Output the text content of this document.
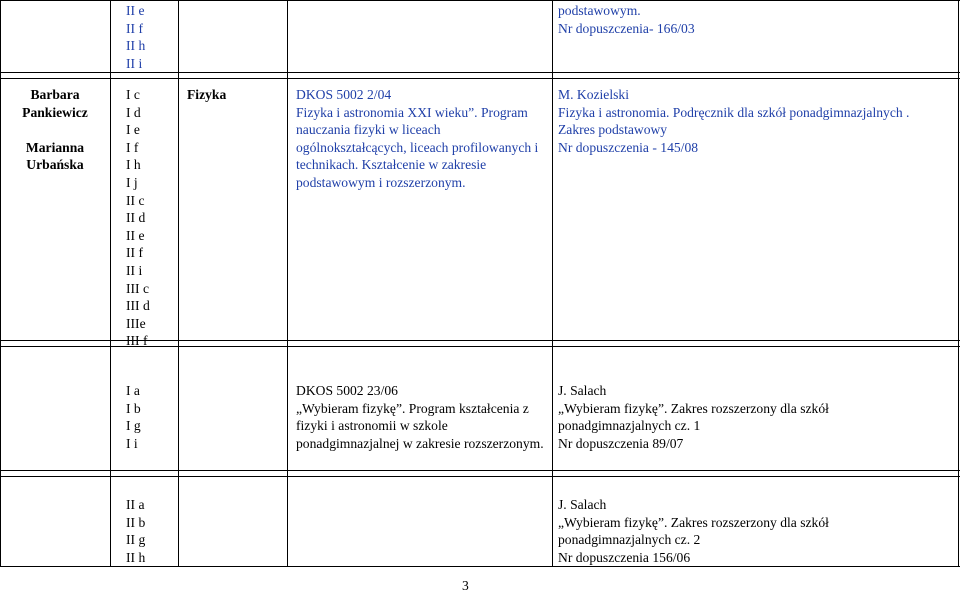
II e
II f
II h
II i
podstawowym.
Nr dopuszczenia- 166/03
Barbara
Pankiewicz

Marianna
Urbańska
I c
I d
I e
I f
I h
I j
II c
II d
II e
II f
II i
III c
III d
IIIe
III f
Fizyka	DKOS 5002 2/04
Fizyka i astronomia XXI wieku”. Program nauczania fizyki w liceach ogólnokształcących, liceach profilowanych i technikach. Kształcenie w zakresie podstawowym i rozszerzonym.
M. Kozielski
Fizyka i astronomia. Podręcznik dla szkół ponadgimnazjalnych .
Zakres podstawowy
Nr dopuszczenia - 145/08
I a
I b
I g
I i
DKOS 5002 23/06
„Wybieram fizykę”. Program kształcenia z fizyki i astronomii w szkole ponadgimnazjalnej w zakresie rozszerzonym.
J. Salach
„Wybieram fizykę”. Zakres rozszerzony dla szkół ponadgimnazjalnych cz. 1
Nr dopuszczenia 89/07
II a
II b
II g
II h
J. Salach
„Wybieram fizykę”. Zakres rozszerzony dla szkół ponadgimnazjalnych cz. 2
Nr dopuszczenia 156/06
3
